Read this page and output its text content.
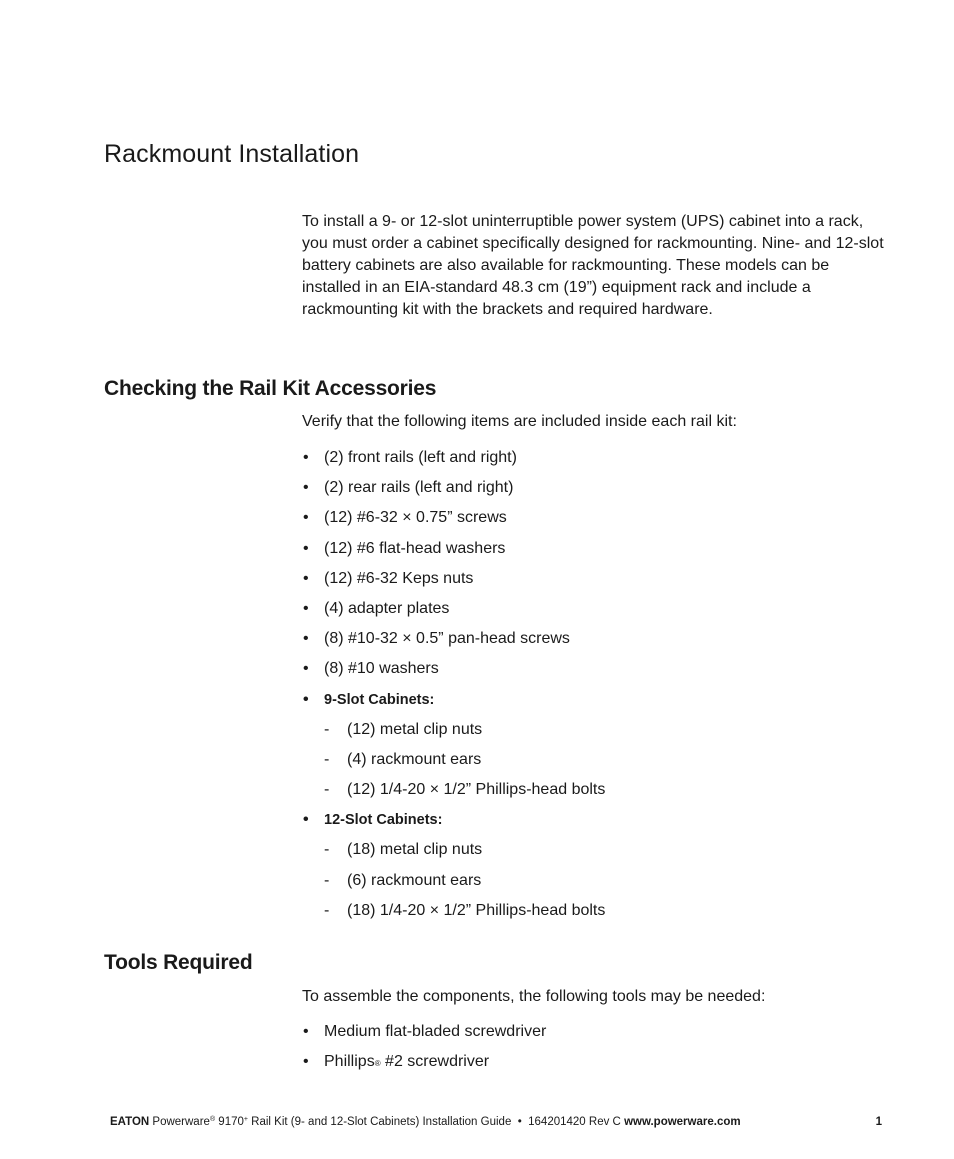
Rackmount Installation
To install a 9- or 12-slot uninterruptible power system (UPS) cabinet into a rack, you must order a cabinet specifically designed for rackmounting. Nine- and 12-slot battery cabinets are also available for rackmounting. These models can be installed in an EIA-standard 48.3 cm (19”) equipment rack and include a rackmounting kit with the brackets and required hardware.
Checking the Rail Kit Accessories
Verify that the following items are included inside each rail kit:
• (2) front rails (left and right)
• (2) rear rails (left and right)
• (12) #6-32 × 0.75” screws
• (12) #6 flat-head washers
• (12) #6-32 Keps nuts
• (4) adapter plates
• (8) #10-32 × 0.5” pan-head screws
• (8) #10 washers
• 9-Slot Cabinets:
- (12) metal clip nuts
- (4) rackmount ears
- (12) 1/4-20 × 1/2” Phillips-head bolts
• 12-Slot Cabinets:
- (18) metal clip nuts
- (6) rackmount ears
- (18) 1/4-20 × 1/2” Phillips-head bolts
Tools Required
To assemble the components, the following tools may be needed:
• Medium flat-bladed screwdriver
• Phillips® #2 screwdriver
EATON Powerware® 9170+ Rail Kit (9- and 12-Slot Cabinets) Installation Guide  •  164201420 Rev C www.powerware.com	1
